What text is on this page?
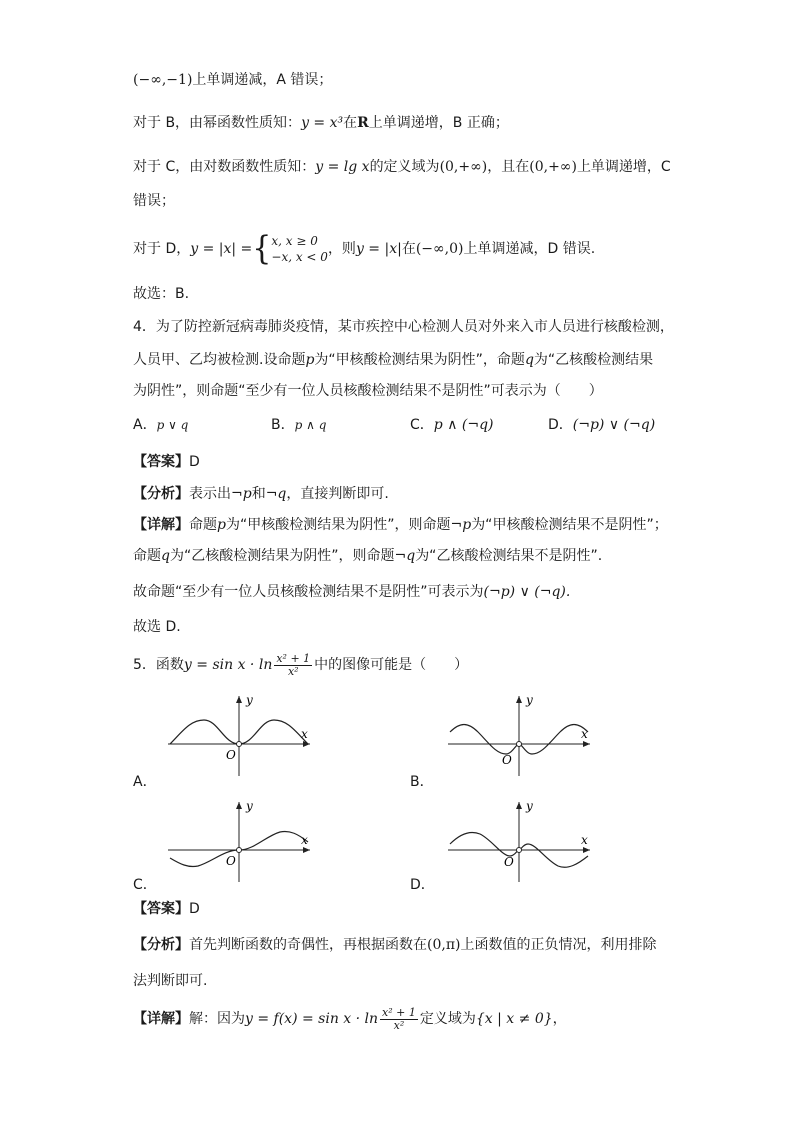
(−∞,−1)上单调递减，A 错误；
对于 B，由幂函数性质知：y = x³在R上单调递增，B 正确；
对于 C，由对数函数性质知：y = lg x的定义域为(0,+∞)，且在(0,+∞)上单调递增，C
错误；
对于 D，y = |x| ={ x, x ≥ 0
−x, x < 0 ，则y = |x|在(−∞,0)上单调递减，D 错误.
故选：B.
4．为了防控新冠病毒肺炎疫情，某市疾控中心检测人员对外来入市人员进行核酸检测，
人员甲、乙均被检测.设命题p为“甲核酸检测结果为阴性”，命题q为“乙核酸检测结果
为阴性”，则命题“至少有一位人员核酸检测结果不是阴性”可表示为（　　）
A．p ∨ q	B．p ∧ q	C．p ∧ (¬q)	D．(¬p) ∨ (¬q)
【答案】D
【分析】表示出¬p和¬q，直接判断即可.
【详解】命题p为“甲核酸检测结果为阴性”，则命题¬p为“甲核酸检测结果不是阴性”；
命题q为“乙核酸检测结果为阴性”，则命题¬q为“乙核酸检测结果不是阴性”.
故命题“至少有一位人员核酸检测结果不是阴性”可表示为(¬p) ∨ (¬q).
故选 D.
5．函数$y = \sin x \cdot \ln \frac{\text{x² + 1}}{\text{x²}}$ 中的图像可能是（　　）
y
x
O
A．
y
x
O
B．
y
x
O
C．
y
x
O
D．
【答案】D
【分析】首先判断函数的奇偶性，再根据函数在(0,π)上函数值的正负情况，利用排除
法判断即可.
【详解】解：因为$y = f(x) = \sin x \cdot \ln \frac{\text{x² + 1}}{\text{x²}}$ 定义域为{x | x ≠ 0}，
